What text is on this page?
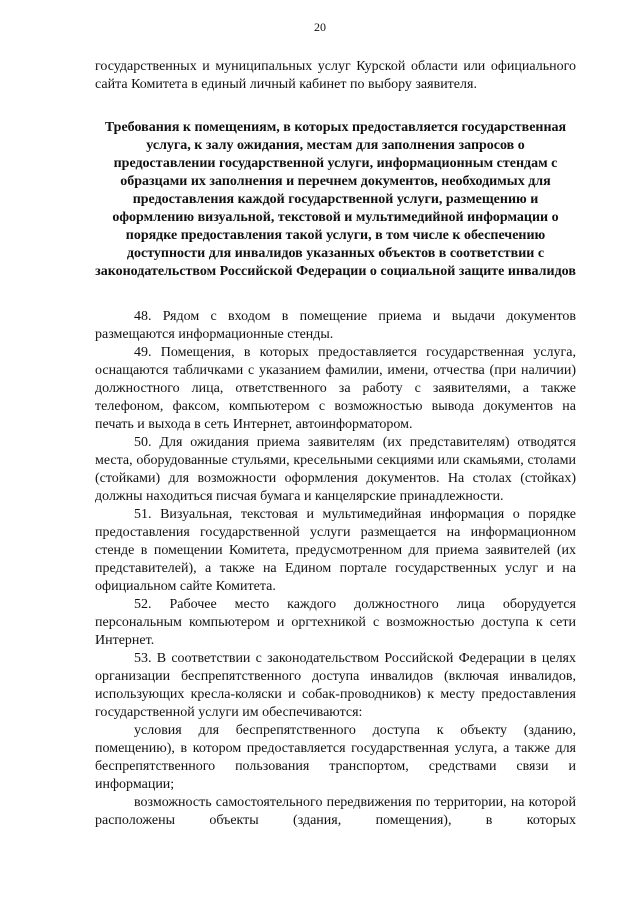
20

государственных и муниципальных услуг Курской области или официального сайта Комитета в единый личный кабинет по выбору заявителя.

Требования к помещениям, в которых предоставляется государственная услуга, к залу ожидания, местам для заполнения запросов о предоставлении государственной услуги, информационным стендам с образцами их заполнения и перечнем документов, необходимых для предоставления каждой государственной услуги, размещению и оформлению визуальной, текстовой и мультимедийной информации о порядке предоставления такой услуги, в том числе к обеспечению доступности для инвалидов указанных объектов в соответствии с законодательством Российской Федерации о социальной защите инвалидов

48. Рядом с входом в помещение приема и выдачи документов размещаются информационные стенды.

49. Помещения, в которых предоставляется государственная услуга, оснащаются табличками с указанием фамилии, имени, отчества (при наличии) должностного лица, ответственного за работу с заявителями, а также телефоном, факсом, компьютером с возможностью вывода документов на печать и выхода в сеть Интернет, автоинформатором.

50. Для ожидания приема заявителям (их представителям) отводятся места, оборудованные стульями, кресельными секциями или скамьями, столами (стойками) для возможности оформления документов. На столах (стойках) должны находиться писчая бумага и канцелярские принадлежности.

51. Визуальная, текстовая и мультимедийная информация о порядке предоставления государственной услуги размещается на информационном стенде в помещении Комитета, предусмотренном для приема заявителей (их представителей), а также на Едином портале государственных услуг и на официальном сайте Комитета.

52. Рабочее место каждого должностного лица оборудуется персональным компьютером и оргтехникой с возможностью доступа к сети Интернет.

53. В соответствии с законодательством Российской Федерации в целях организации беспрепятственного доступа инвалидов (включая инвалидов, использующих кресла-коляски и собак-проводников) к месту предоставления государственной услуги им обеспечиваются:

условия для беспрепятственного доступа к объекту (зданию, помещению), в котором предоставляется государственная услуга, а также для беспрепятственного пользования транспортом, средствами связи и информации;

возможность самостоятельного передвижения по территории, на которой расположены объекты (здания, помещения), в которых
